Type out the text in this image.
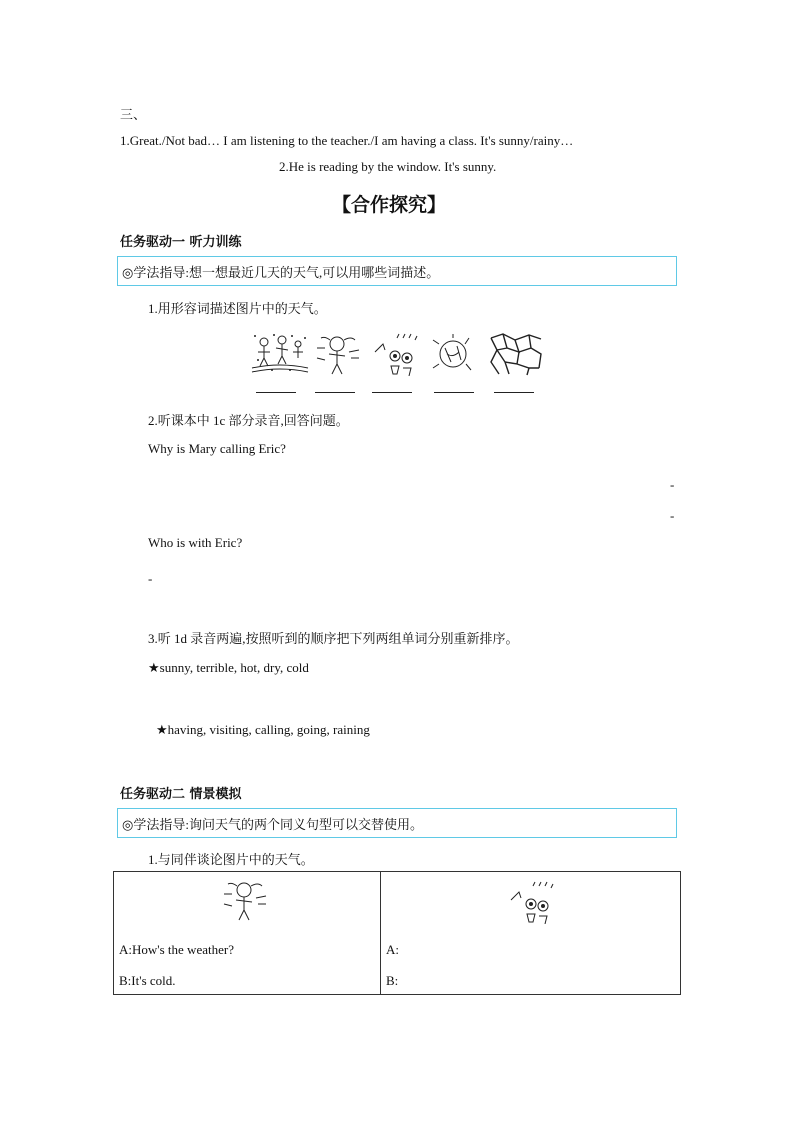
三、
1.Great./Not bad… I am listening to the teacher./I am having a class. It's sunny/rainy…
2.He is reading by the window. It's sunny.
【合作探究】
任务驱动一 听力训练
◎学法指导:想一想最近几天的天气,可以用哪些词描述。
1.用形容词描述图片中的天气。
2.听课本中 1c 部分录音,回答问题。
Why is Mary calling Eric?
-
-
Who is with Eric?
-
3.听 1d 录音两遍,按照听到的顺序把下列两组单词分别重新排序。
★sunny, terrible, hot, dry, cold
★having, visiting, calling, going, raining
任务驱动二 情景模拟
◎学法指导:询问天气的两个同义句型可以交替使用。
1.与同伴谈论图片中的天气。
A:How's the weather?
B:It's cold.

A:
B:
